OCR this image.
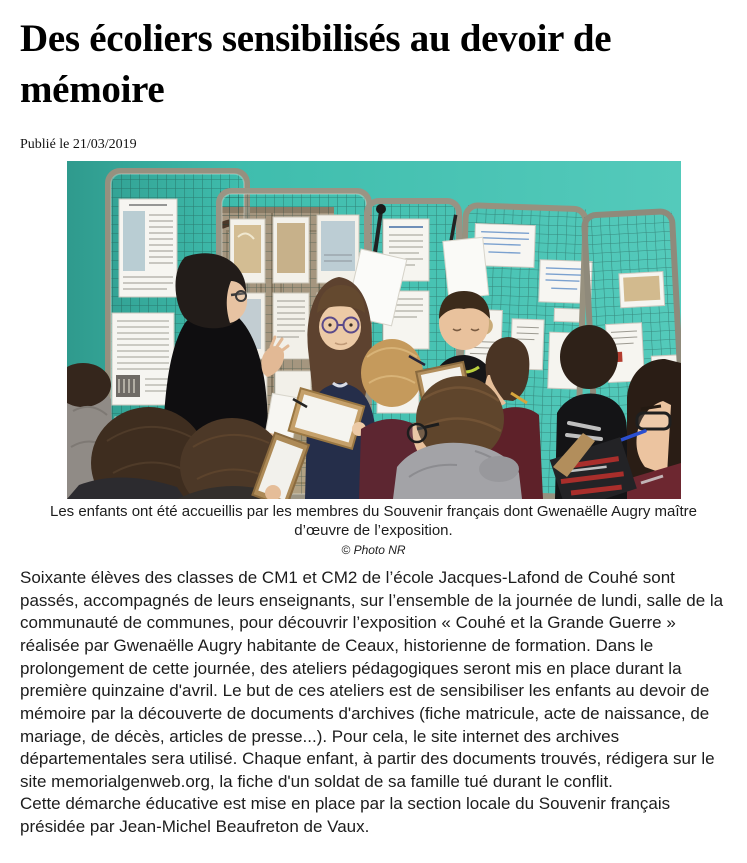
Des écoliers sensibilisés au devoir de mémoire
Publié le 21/03/2019
Les enfants ont été accueillis par les membres du Souvenir français dont Gwenaëlle Augry maître d’œuvre de l’exposition.
© Photo NR

Soixante élèves des classes de CM1 et CM2 de l’école Jacques-Lafond de Couhé sont passés, accompagnés de leurs enseignants, sur l’ensemble de la journée de lundi, salle de la communauté de communes, pour découvrir l’exposition « Couhé et la Grande Guerre » réalisée par Gwenaëlle Augry habitante de Ceaux, historienne de formation. Dans le prolongement de cette journée, des ateliers pédagogiques seront mis en place durant la première quinzaine d'avril. Le but de ces ateliers est de sensibiliser les enfants au devoir de mémoire par la découverte de documents d'archives (fiche matricule, acte de naissance, de mariage, de décès, articles de presse...). Pour cela, le site internet des archives départementales sera utilisé. Chaque enfant, à partir des documents trouvés, rédigera sur le site memorialgenweb.org, la fiche d'un soldat de sa famille tué durant le conflit.

Cette démarche éducative est mise en place par la section locale du Souvenir français présidée par Jean-Michel Beaufreton de Vaux.
